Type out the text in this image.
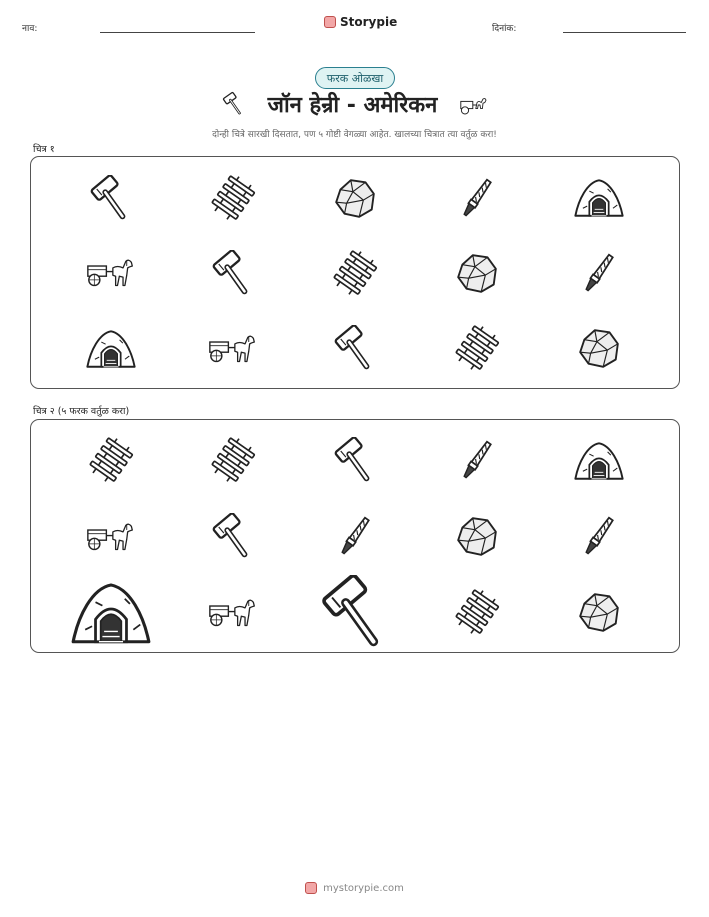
नाव:	Storypie	दिनांक:
फरक ओळखा
जॉन हेन्री - अमेरिकन
दोन्ही चित्रे सारखी दिसतात, पण ५ गोष्टी वेगळ्या आहेत. खालच्या चित्रात त्या वर्तुळ करा!
चित्र १
चित्र २ (५ फरक वर्तुळ करा)
mystorypie.com
